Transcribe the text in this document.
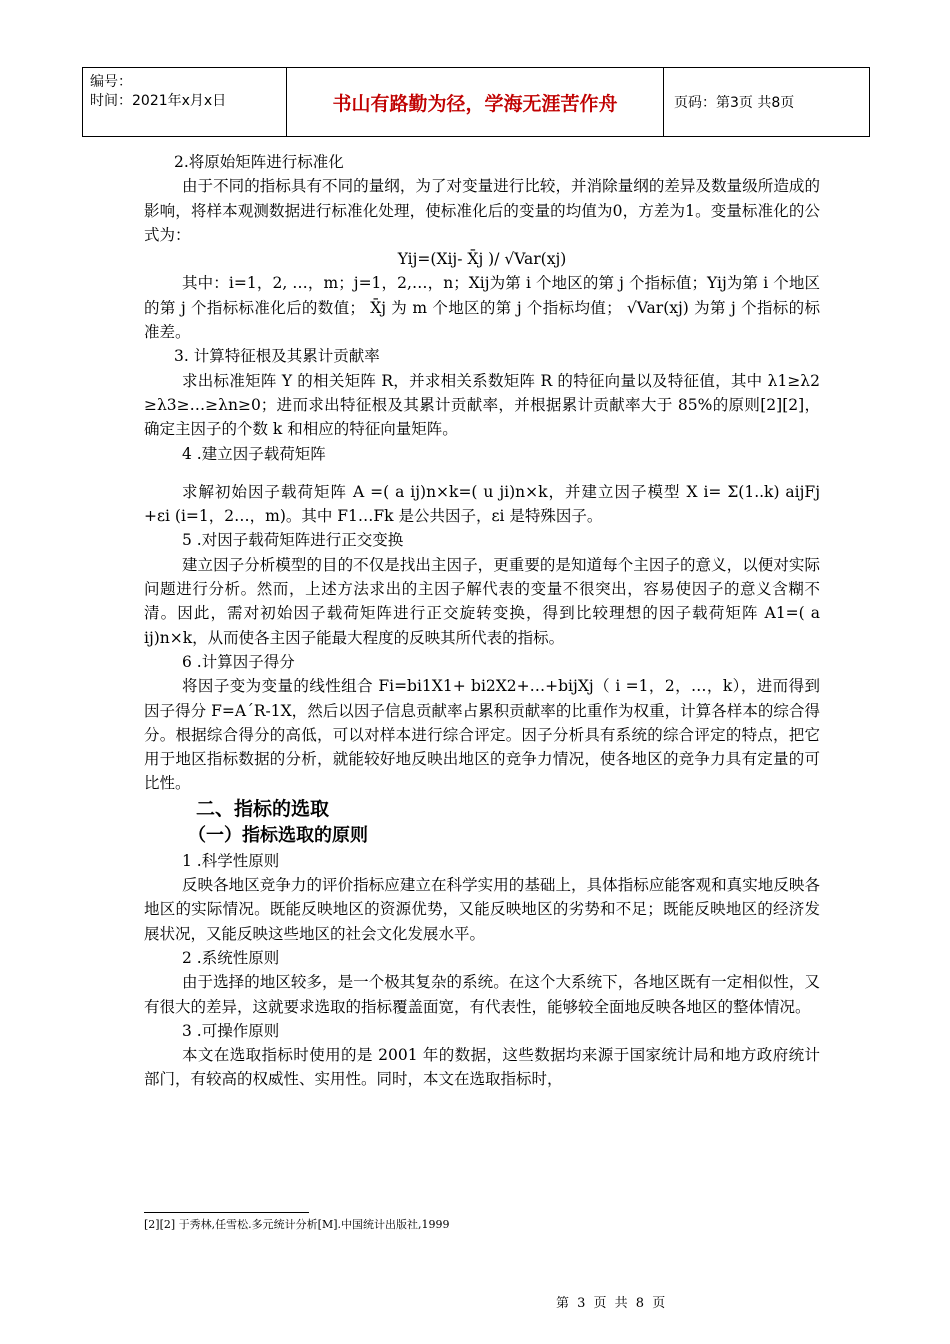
编号：
时间：2021年x月x日	书山有路勤为径，学海无涯苦作舟	页码：第3页 共8页

2.将原始矩阵进行标准化

由于不同的指标具有不同的量纲，为了对变量进行比较，并消除量纲的差异及数量级所造成的影响，将样本观测数据进行标准化处理，使标准化后的变量的均值为0，方差为1。变量标准化的公式为：

Yij=(Xij- X̄j )/ √Var(xj)

其中：i=1，2, …，m；j=1，2,…，n；Xij为第 i 个地区的第 j 个指标值；Yij为第 i 个地区的第 j 个指标标准化后的数值； X̄j 为 m 个地区的第 j 个指标均值； √Var(xj) 为第 j 个指标的标准差。

3. 计算特征根及其累计贡献率

求出标准矩阵 Y 的相关矩阵 R，并求相关系数矩阵 R 的特征向量以及特征值，其中 λ1≥λ2 ≥λ3≥…≥λn≥0；进而求出特征根及其累计贡献率，并根据累计贡献率大于 85%的原则[2][2]，确定主因子的个数 k 和相应的特征向量矩阵。

4 .建立因子载荷矩阵

求解初始因子载荷矩阵 A =( a ij)n×k=( u ji)n×k，并建立因子模型 X i= Σ(1..k) aijFj +εi (i=1，2…，m)。其中 F1…Fk 是公共因子，εi 是特殊因子。

5 .对因子载荷矩阵进行正交变换

建立因子分析模型的目的不仅是找出主因子，更重要的是知道每个主因子的意义，以便对实际问题进行分析。然而，上述方法求出的主因子解代表的变量不很突出，容易使因子的意义含糊不清。因此，需对初始因子载荷矩阵进行正交旋转变换，得到比较理想的因子载荷矩阵 A1=( a ij)n×k，从而使各主因子能最大程度的反映其所代表的指标。

6 .计算因子得分

将因子变为变量的线性组合 Fi=bi1X1+ bi2X2+…+bijXj（ i =1，2，…，k），进而得到因子得分 F=A´R-1X，然后以因子信息贡献率占累积贡献率的比重作为权重，计算各样本的综合得分。根据综合得分的高低，可以对样本进行综合评定。因子分析具有系统的综合评定的特点，把它用于地区指标数据的分析，就能较好地反映出地区的竞争力情况，使各地区的竞争力具有定量的可比性。

二、指标的选取

（一）指标选取的原则

1 .科学性原则

反映各地区竞争力的评价指标应建立在科学实用的基础上，具体指标应能客观和真实地反映各地区的实际情况。既能反映地区的资源优势，又能反映地区的劣势和不足；既能反映地区的经济发展状况，又能反映这些地区的社会文化发展水平。

2 .系统性原则

由于选择的地区较多，是一个极其复杂的系统。在这个大系统下，各地区既有一定相似性，又有很大的差异，这就要求选取的指标覆盖面宽，有代表性，能够较全面地反映各地区的整体情况。

3 .可操作原则

本文在选取指标时使用的是 2001 年的数据，这些数据均来源于国家统计局和地方政府统计部门，有较高的权威性、实用性。同时，本文在选取指标时，

[2][2] 于秀林,任雪松.多元统计分析[M].中国统计出版社,1999
第 3 页 共 8 页
